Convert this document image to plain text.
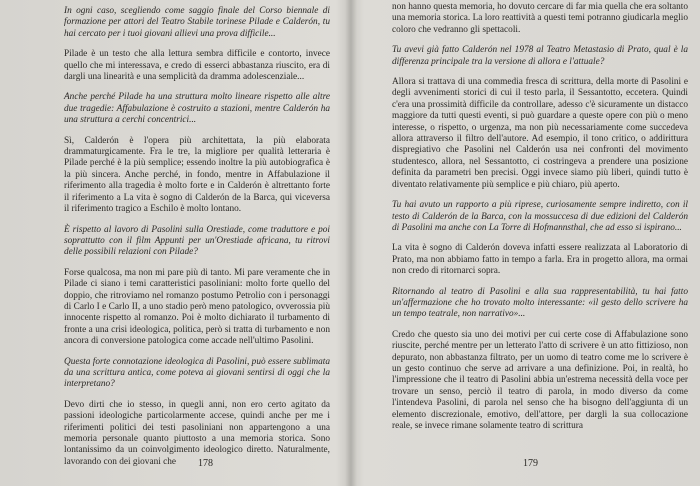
In ogni caso, scegliendo come saggio finale del Corso biennale di formazione per attori del Teatro Stabile torinese Pilade e Calderón, tu hai cercato per i tuoi giovani allievi una prova difficile...
Pilade è un testo che alla lettura sembra difficile e contorto, invece quello che mi interessava, e credo di esserci abbastanza riuscito, era di dargli una linearità e una semplicità da dramma adolescenziale...
Anche perché Pilade ha una struttura molto lineare rispetto alle altre due tragedie: Affabulazione è costruito a stazioni, mentre Calderón ha una struttura a cerchi concentrici...
Sì, Calderón è l'opera più architettata, la più elaborata drammaturgicamente. Fra le tre, la migliore per qualità letteraria è Pilade perché è la più semplice; essendo inoltre la più autobiografica è la più sincera. Anche perché, in fondo, mentre in Affabulazione il riferimento alla tragedia è molto forte e in Calderón è altrettanto forte il riferimento a La vita è sogno di Calderón de la Barca, qui viceversa il riferimento tragico a Eschilo è molto lontano.
È rispetto al lavoro di Pasolini sulla Orestiade, come traduttore e poi soprattutto con il film Appunti per un'Orestiade africana, tu ritrovi delle possibili relazioni con Pilade?
Forse qualcosa, ma non mi pare più di tanto. Mi pare veramente che in Pilade ci siano i temi caratteristici pasoliniani: molto forte quello del doppio, che ritroviamo nel romanzo postumo Petrolio con i personaggi di Carlo I e Carlo II, a uno stadio però meno patologico, ovverossia più innocente rispetto al romanzo. Poi è molto dichiarato il turbamento di fronte a una crisi ideologica, politica, però si tratta di turbamento e non ancora di conversione patologica come accade nell'ultimo Pasolini.
Questa forte connotazione ideologica di Pasolini, può essere sublimata da una scrittura antica, come poteva ai giovani sentirsi di oggi che la interpretano?
Devo dirti che io stesso, in quegli anni, non ero certo agitato da passioni ideologiche particolarmente accese, quindi anche per me i riferimenti politici dei testi pasoliniani non appartengono a una memoria personale quanto piuttosto a una memoria storica. Sono lontanissimo da un coinvolgimento ideologico diretto. Naturalmente, lavorando con dei giovani che	178
non hanno questa memoria, ho dovuto cercare di far mia quella che era soltanto una memoria storica. La loro reattività a questi temi potranno giudicarla meglio coloro che vedranno gli spettacoli.
Tu avevi già fatto Calderón nel 1978 al Teatro Metastasio di Prato, qual è la differenza principale tra la versione di allora e l'attuale?
Allora si trattava di una commedia fresca di scrittura, della morte di Pasolini e degli avvenimenti storici di cui il testo parla, il Sessantotto, eccetera. Quindi c'era una prossimità difficile da controllare, adesso c'è sicuramente un distacco maggiore da tutti questi eventi, si può guardare a queste opere con più o meno interesse, o rispetto, o urgenza, ma non più necessariamente come succedeva allora attraverso il filtro dell'autore. Ad esempio, il tono critico, o addirittura dispregiativo che Pasolini nel Calderón usa nei confronti del movimento studentesco, allora, nel Sessantotto, ci costringeva a prendere una posizione definita da parametri ben precisi. Oggi invece siamo più liberi, quindi tutto è diventato relativamente più semplice e più chiaro, più aperto.
Tu hai avuto un rapporto a più riprese, curiosamente sempre indiretto, con il testo di Calderón de la Barca, con la mossuccesa di due edizioni del Calderón di Pasolini ma anche con La Torre di Hofmannsthal, che ad esso si ispirano...
La vita è sogno di Calderón doveva infatti essere realizzata al Laboratorio di Prato, ma non abbiamo fatto in tempo a farla. Era in progetto allora, ma ormai non credo di ritornarci sopra.
Ritornando al teatro di Pasolini e alla sua rappresentabilità, tu hai fatto un'affermazione che ho trovato molto interessante: «il gesto dello scrivere ha un tempo teatrale, non narrativo»...
Credo che questo sia uno dei motivi per cui certe cose di Affabulazione sono riuscite, perché mentre per un letterato l'atto di scrivere è un atto fittizioso, non depurato, non abbastanza filtrato, per un uomo di teatro come me lo scrivere è un gesto continuo che serve ad arrivare a una definizione. Poi, in realtà, ho l'impressione che il teatro di Pasolini abbia un'estrema necessità della voce per trovare un senso, perciò il teatro di parola, in modo diverso da come l'intendeva Pasolini, di parola nel senso che ha bisogno dell'aggiunta di un elemento discrezionale, emotivo, dell'attore, per dargli la sua collocazione reale, se invece rimane solamente teatro di scrittura
179
